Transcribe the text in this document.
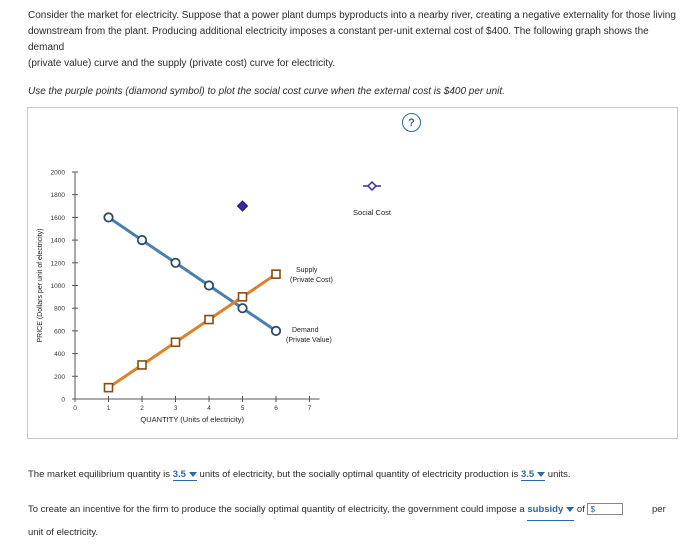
Consider the market for electricity. Suppose that a power plant dumps byproducts into a nearby river, creating a negative externality for those living
downstream from the plant. Producing additional electricity imposes a constant per-unit external cost of $400. The following graph shows the demand
(private value) curve and the supply (private cost) curve for electricity.
Use the purple points (diamond symbol) to plot the social cost curve when the external cost is $400 per unit.
?
0
200
400
600
800
1000
1200
1400
1600
1800
2000
0	1	2	3	4	5	6	7
QUANTITY (Units of electricity)
PRICE (Dollars per unit of electricity)	Supply
(Private Cost)
Demand
(Private Value)
Social Cost
The market equilibrium quantity is 3.5 units of electricity, but the socially optimal quantity of electricity production is 3.5 units.
To create an incentive for the firm to produce the socially optimal quantity of electricity, the government could impose a subsidy of $	per
unit of electricity.
